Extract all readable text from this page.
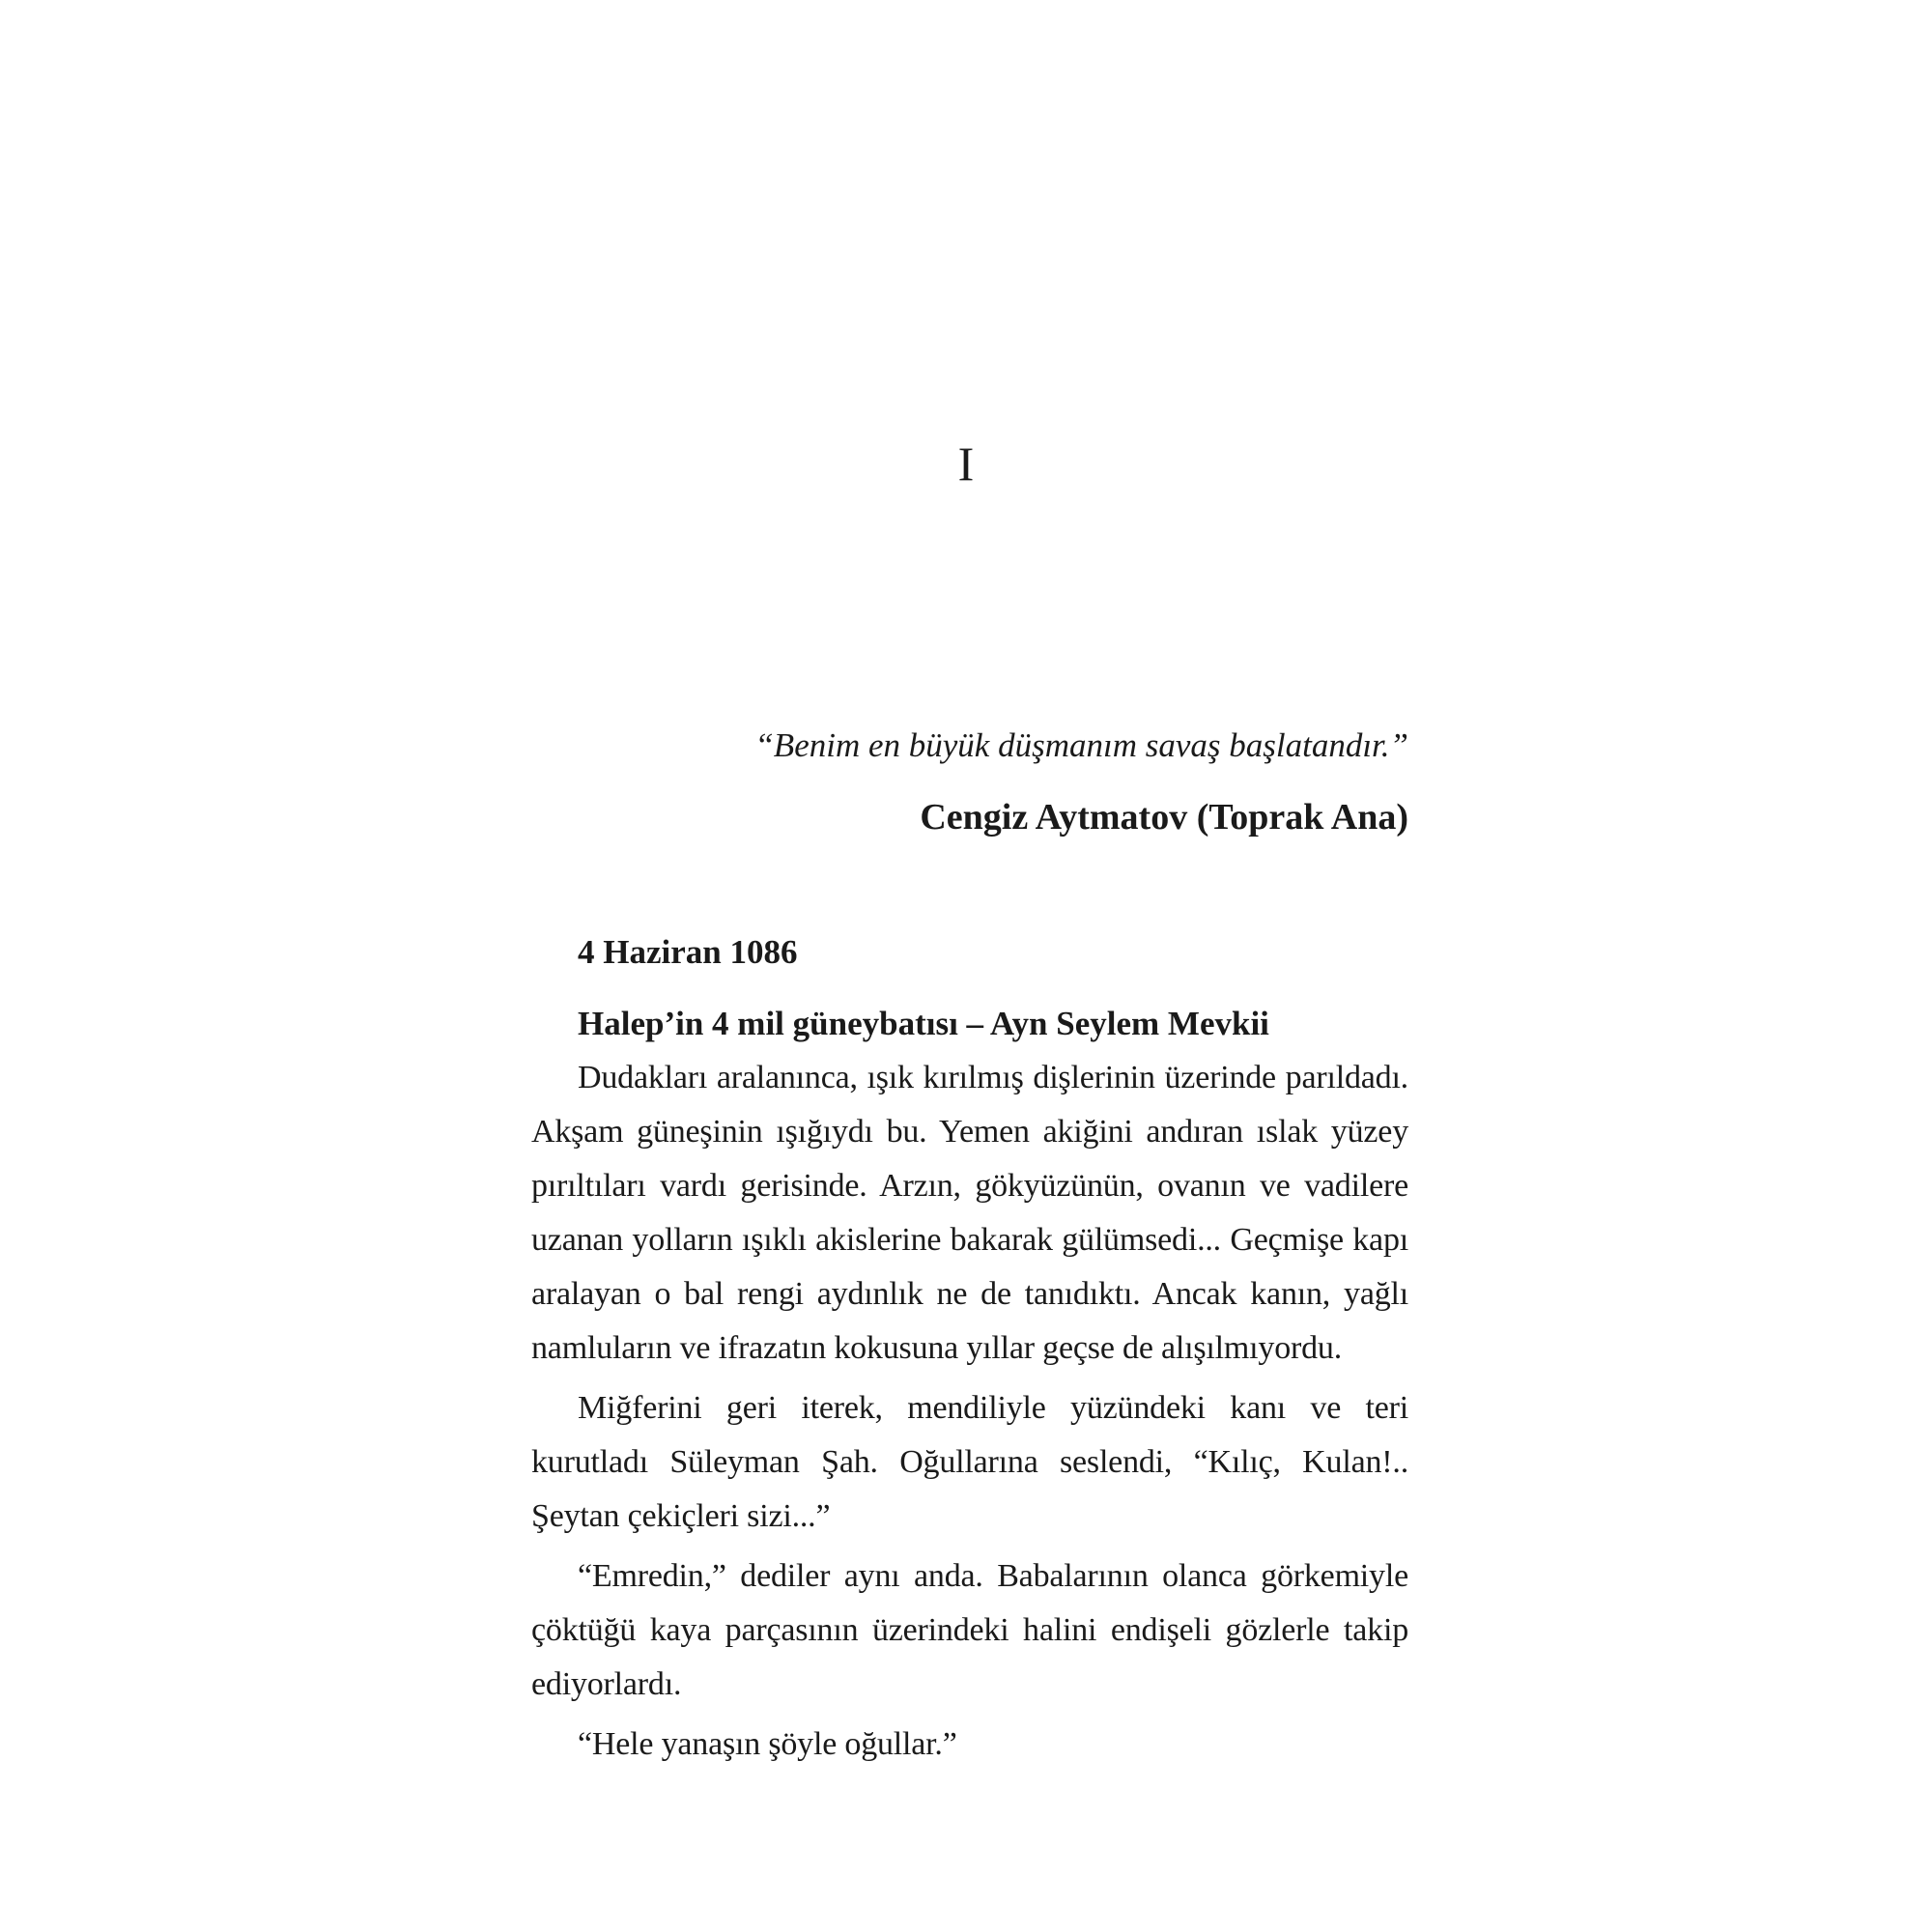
I

“Benim en büyük düşmanım savaş başlatandır.”

Cengiz Aytmatov (Toprak Ana)

4 Haziran 1086

Halep’in 4 mil güneybatısı – Ayn Seylem Mevkii

Dudakları aralanınca, ışık kırılmış dişlerinin üzerinde parıldadı. Akşam güneşinin ışığıydı bu. Yemen akiğini andıran ıslak yüzey pırıltıları vardı gerisinde. Arzın, gökyüzünün, ovanın ve vadilere uzanan yolların ışıklı akislerine bakarak gülümsedi... Geçmişe kapı aralayan o bal rengi aydınlık ne de tanıdıktı. Ancak kanın, yağlı namluların ve ifrazatın kokusuna yıllar geçse de alışılmıyordu.

Miğferini geri iterek, mendiliyle yüzündeki kanı ve teri kurutladı Süleyman Şah. Oğullarına seslendi, “Kılıç, Kulan!.. Şeytan çekiçleri sizi...”

“Emredin,” dediler aynı anda. Babalarının olanca görkemiyle çöktüğü kaya parçasının üzerindeki halini endişeli gözlerle takip ediyorlardı.

“Hele yanaşın şöyle oğullar.”
